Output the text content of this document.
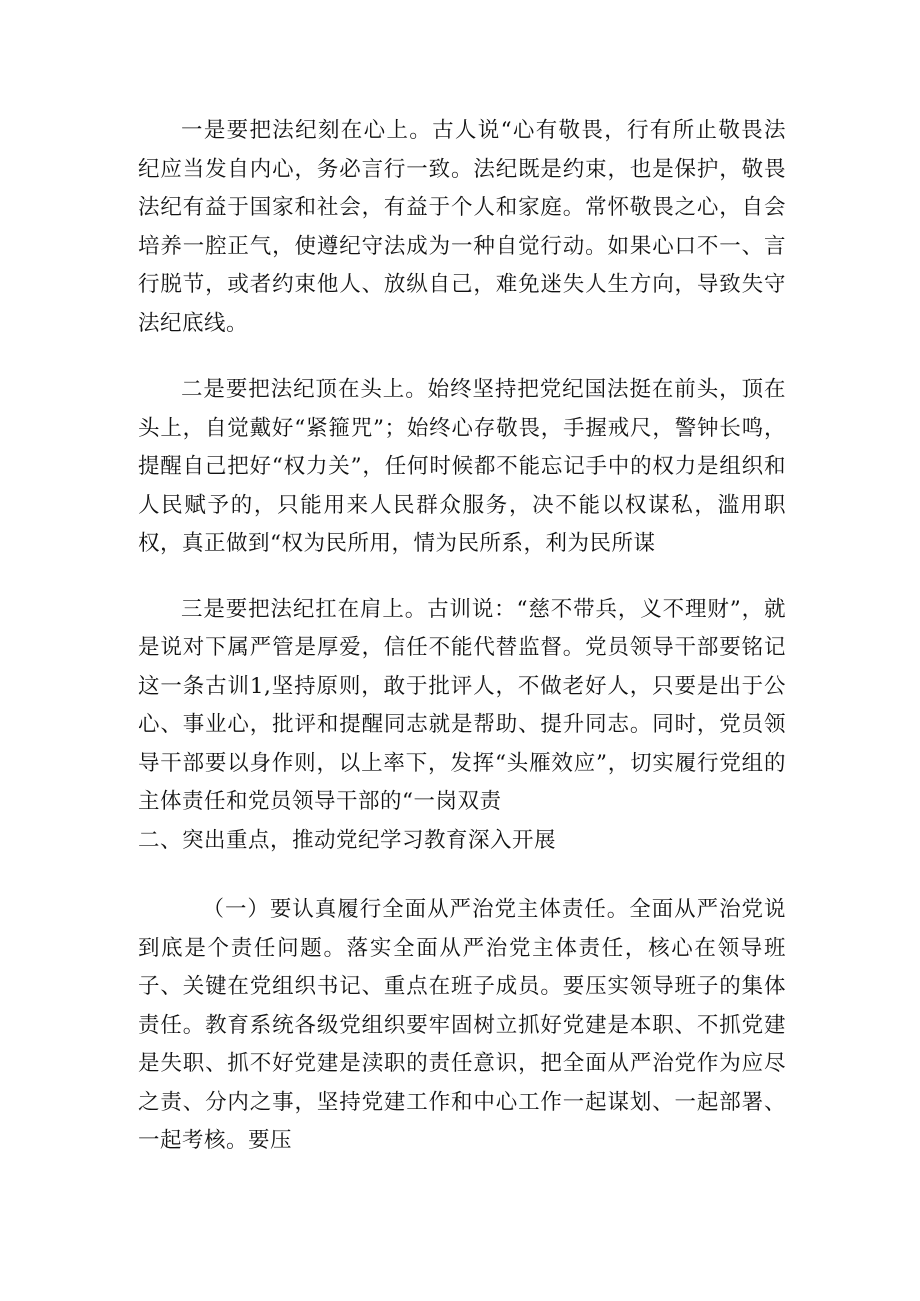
一是要把法纪刻在心上。古人说“心有敬畏，行有所止敬畏法纪应当发自内心，务必言行一致。法纪既是约束，也是保护，敬畏法纪有益于国家和社会，有益于个人和家庭。常怀敬畏之心，自会培养一腔正气，使遵纪守法成为一种自觉行动。如果心口不一、言行脱节，或者约束他人、放纵自己，难免迷失人生方向，导致失守法纪底线。

二是要把法纪顶在头上。始终坚持把党纪国法挺在前头，顶在头上，自觉戴好“紧箍咒”；始终心存敬畏，手握戒尺，警钟长鸣，提醒自己把好“权力关”，任何时候都不能忘记手中的权力是组织和人民赋予的，只能用来人民群众服务，决不能以权谋私，滥用职权，真正做到“权为民所用，情为民所系，利为民所谋

三是要把法纪扛在肩上。古训说：“慈不带兵，义不理财”，就是说对下属严管是厚爱，信任不能代替监督。党员领导干部要铭记这一条古训1,坚持原则，敢于批评人，不做老好人，只要是出于公心、事业心，批评和提醒同志就是帮助、提升同志。同时，党员领导干部要以身作则，以上率下，发挥“头雁效应”，切实履行党组的主体责任和党员领导干部的“一岗双责

二、突出重点，推动党纪学习教育深入开展

（一）要认真履行全面从严治党主体责任。全面从严治党说到底是个责任问题。落实全面从严治党主体责任，核心在领导班子、关键在党组织书记、重点在班子成员。要压实领导班子的集体责任。教育系统各级党组织要牢固树立抓好党建是本职、不抓党建是失职、抓不好党建是渎职的责任意识，把全面从严治党作为应尽之责、分内之事，坚持党建工作和中心工作一起谋划、一起部署、一起考核。要压
